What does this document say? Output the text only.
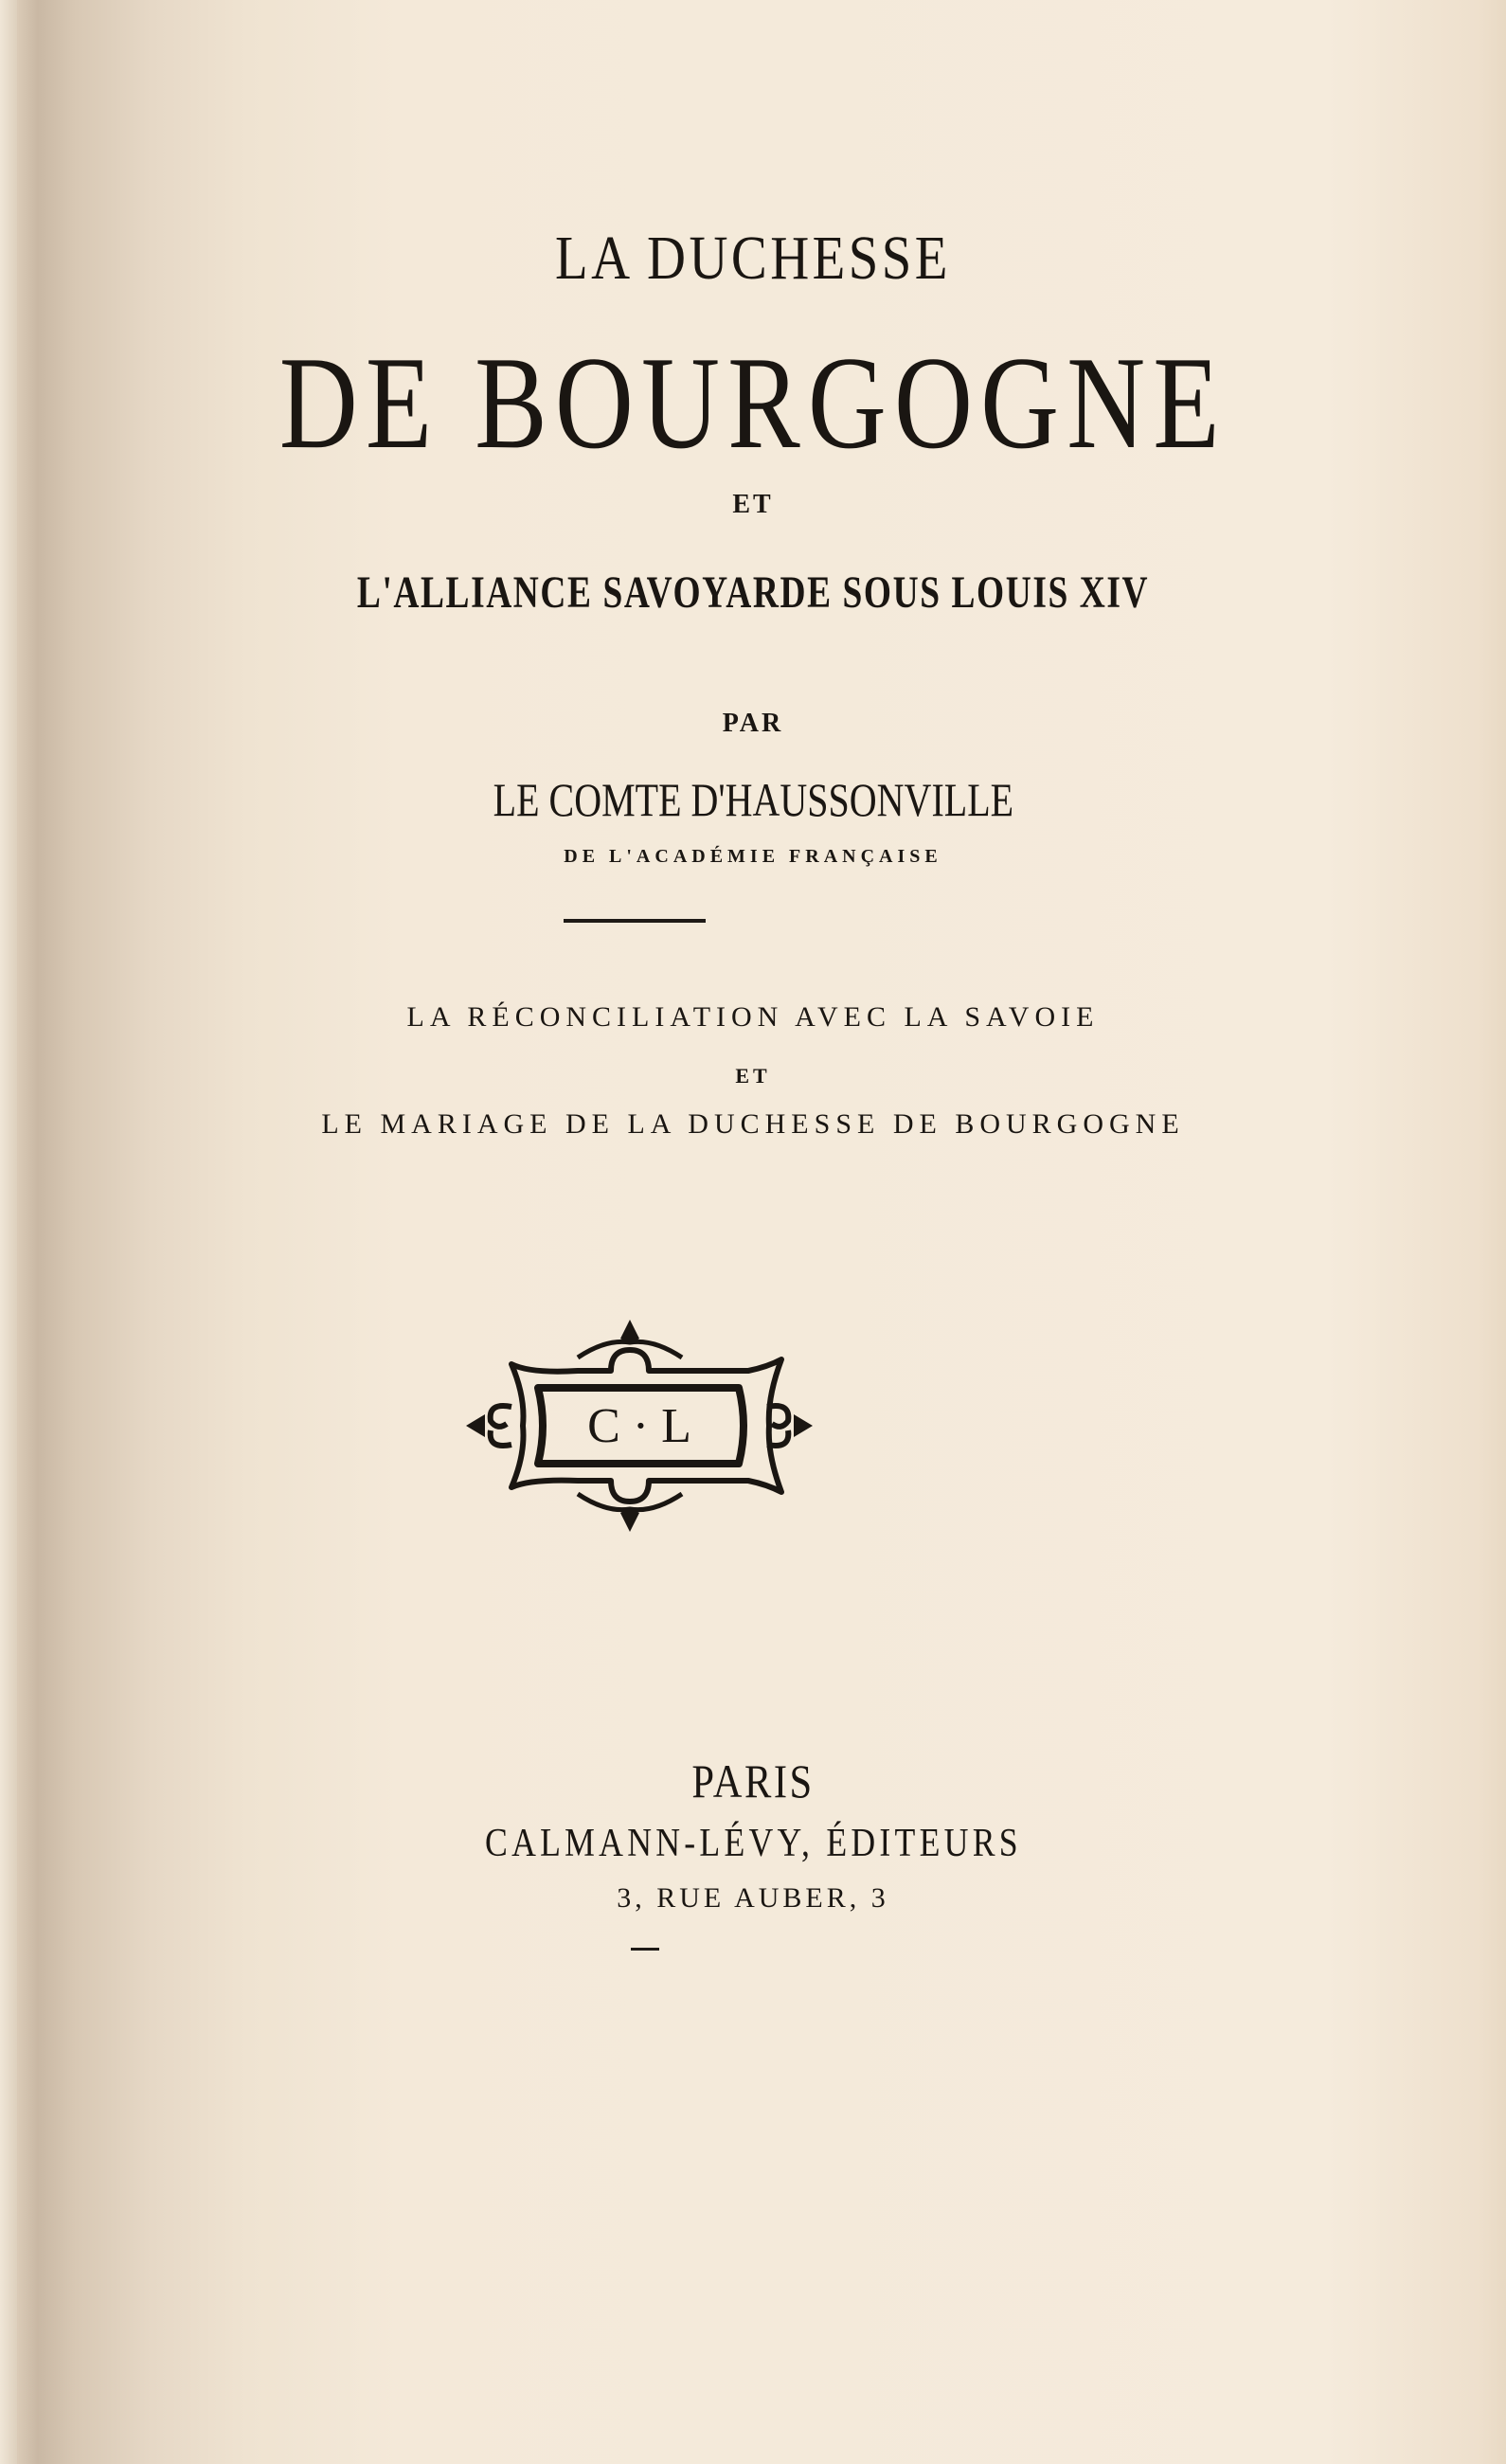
LA DUCHESSE
DE BOURGOGNE
ET
L'ALLIANCE SAVOYARDE SOUS LOUIS XIV
PAR
LE COMTE D'HAUSSONVILLE
DE L'ACADÉMIE FRANÇAISE
LA RÉCONCILIATION AVEC LA SAVOIE
ET
LE MARIAGE DE LA DUCHESSE DE BOURGOGNE
C · L
PARIS
CALMANN-LÉVY, ÉDITEURS
3, RUE AUBER, 3
